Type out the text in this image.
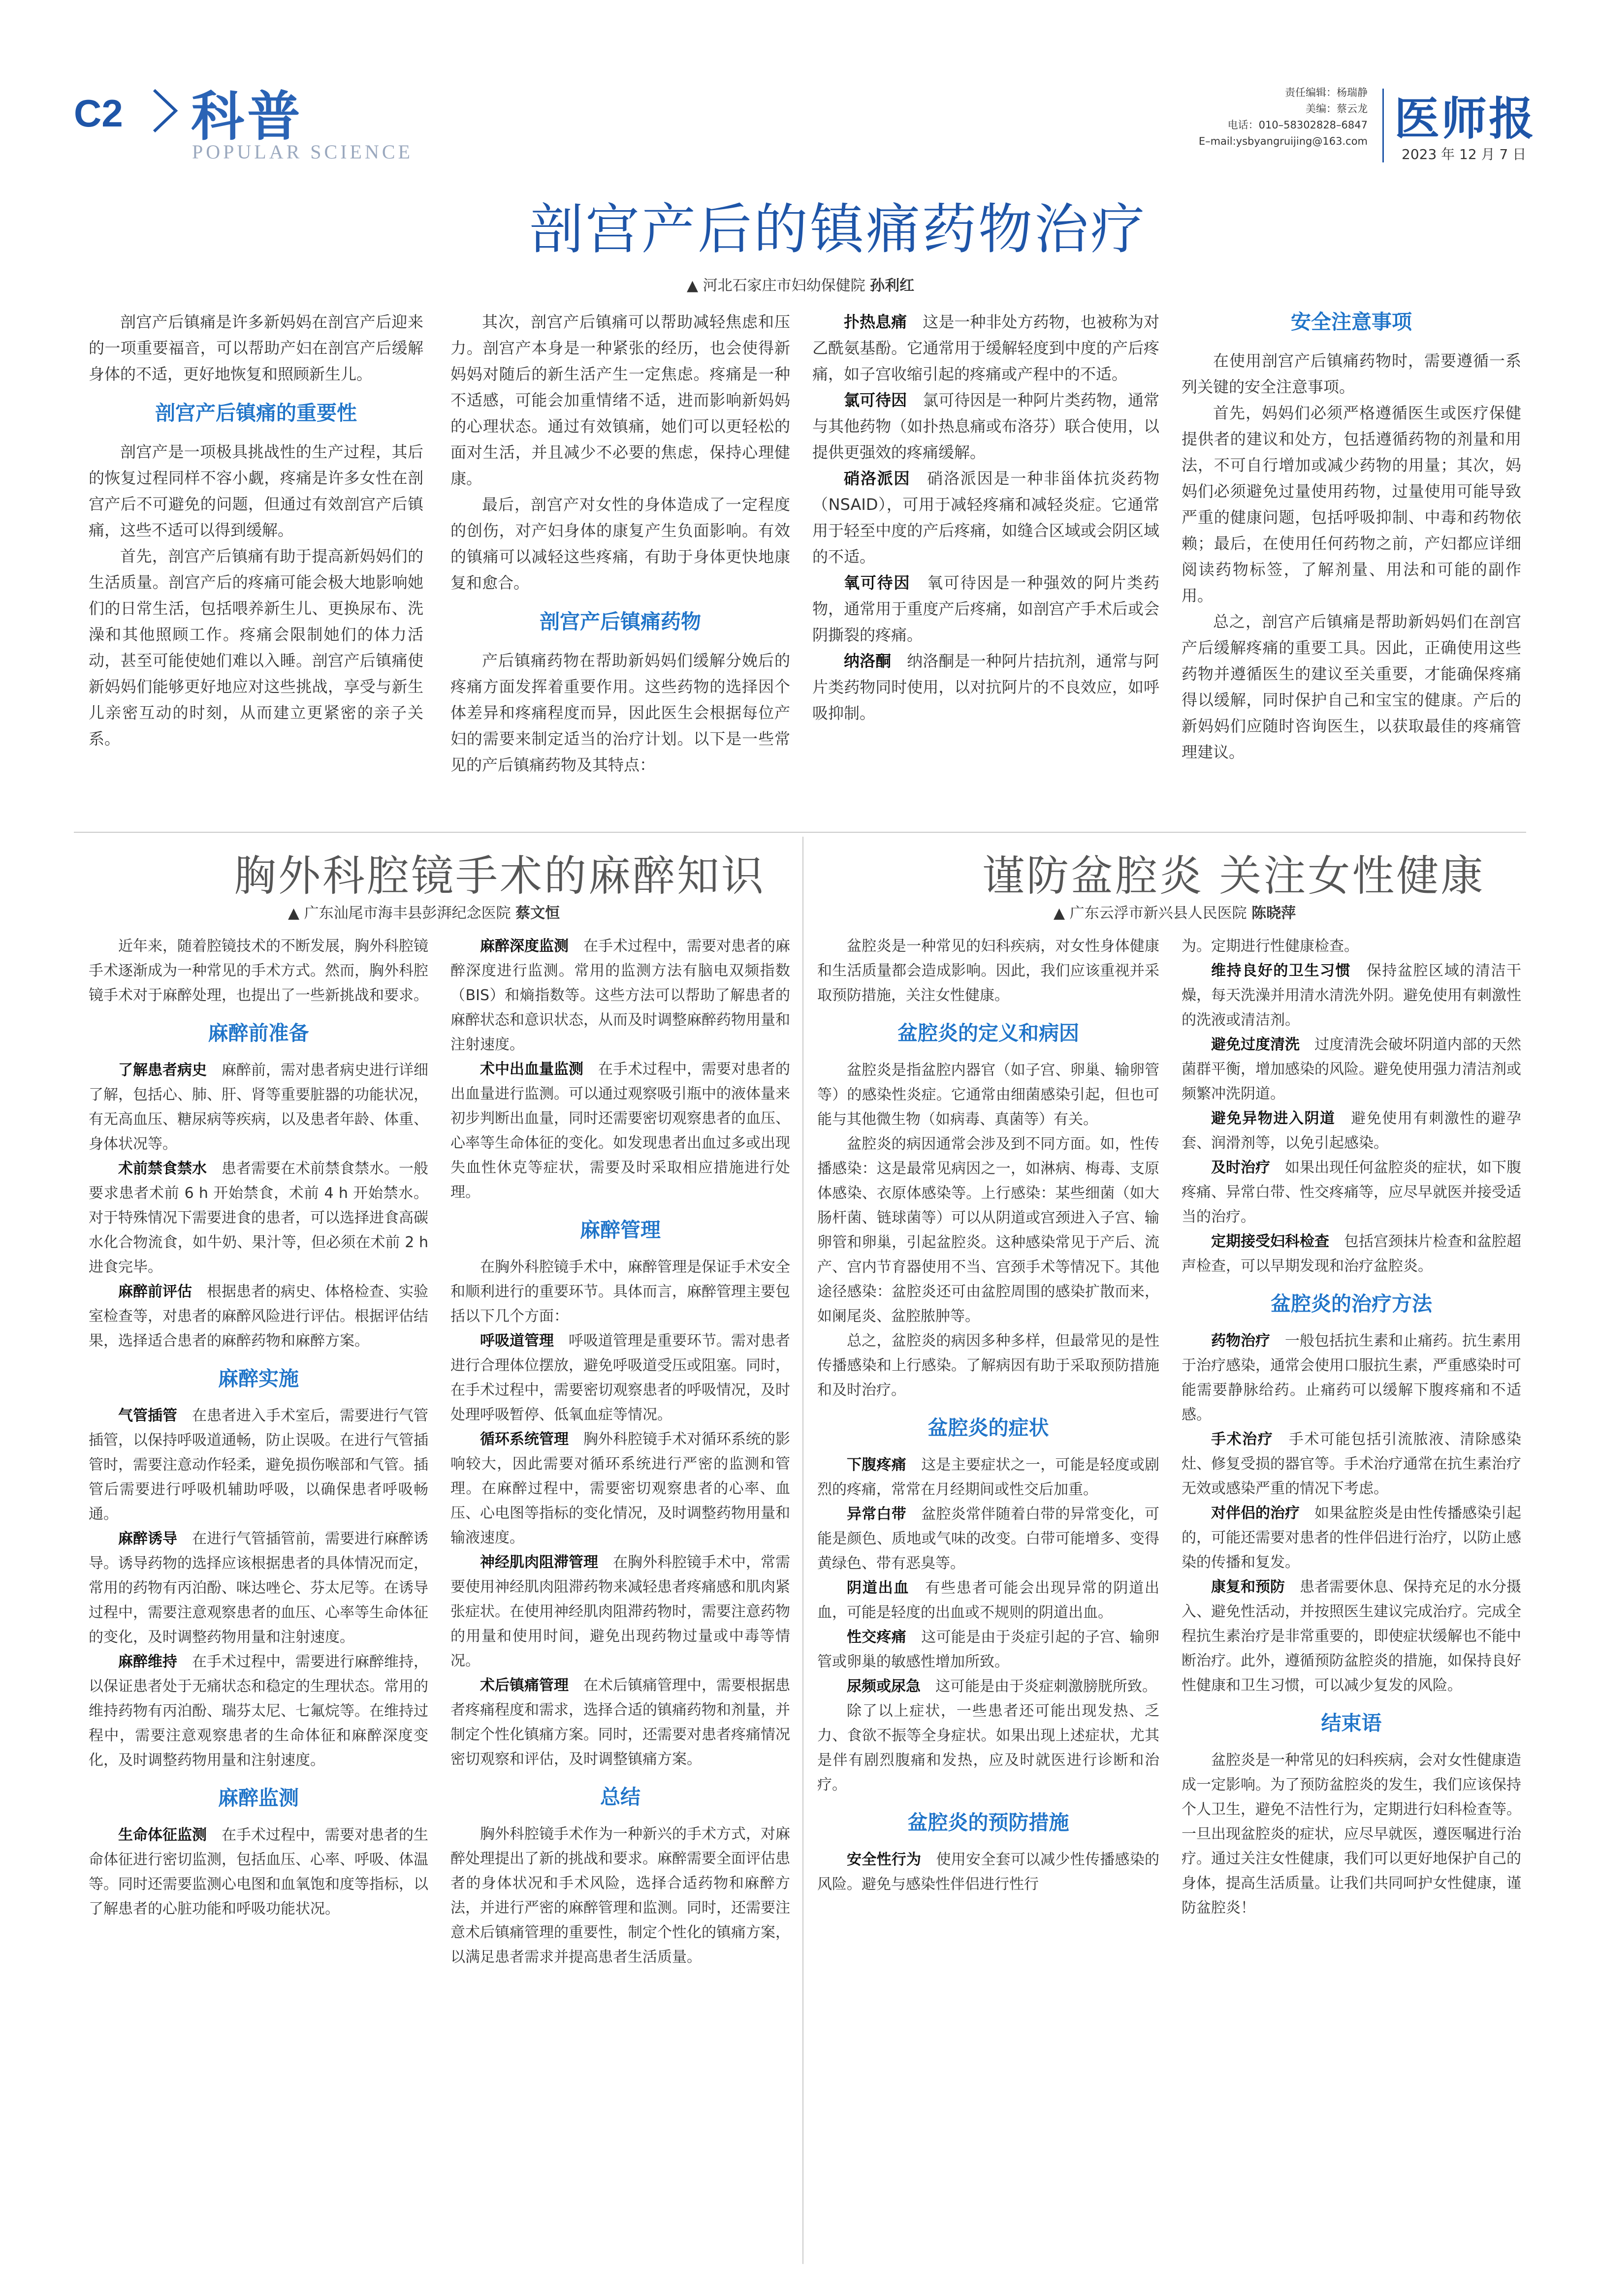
C2 科普
POPULAR SCIENCE
责任编辑：杨瑞静
美编：蔡云龙
电话：010–58302828–6847
E–mail:ysbyangruijing@163.com 医师报
2023 年 12 月 7 日
剖宫产后的镇痛药物治疗
▲ 河北石家庄市妇幼保健院 孙利红

剖宫产后镇痛是许多新妈妈在剖宫产后迎来的一项重要福音，可以帮助产妇在剖宫产后缓解身体的不适，更好地恢复和照顾新生儿。

剖宫产后镇痛的重要性

剖宫产是一项极具挑战性的生产过程，其后的恢复过程同样不容小觑，疼痛是许多女性在剖宫产后不可避免的问题，但通过有效剖宫产后镇痛，这些不适可以得到缓解。

首先，剖宫产后镇痛有助于提高新妈妈们的生活质量。剖宫产后的疼痛可能会极大地影响她们的日常生活，包括喂养新生儿、更换尿布、洗澡和其他照顾工作。疼痛会限制她们的体力活动，甚至可能使她们难以入睡。剖宫产后镇痛使新妈妈们能够更好地应对这些挑战，享受与新生儿亲密互动的时刻，从而建立更紧密的亲子关系。

其次，剖宫产后镇痛可以帮助减轻焦虑和压力。剖宫产本身是一种紧张的经历，也会使得新妈妈对随后的新生活产生一定焦虑。疼痛是一种不适感，可能会加重情绪不适，进而影响新妈妈的心理状态。通过有效镇痛，她们可以更轻松的面对生活，并且减少不必要的焦虑，保持心理健康。

最后，剖宫产对女性的身体造成了一定程度的创伤，对产妇身体的康复产生负面影响。有效的镇痛可以减轻这些疼痛，有助于身体更快地康复和愈合。

剖宫产后镇痛药物

产后镇痛药物在帮助新妈妈们缓解分娩后的疼痛方面发挥着重要作用。这些药物的选择因个体差异和疼痛程度而异，因此医生会根据每位产妇的需要来制定适当的治疗计划。以下是一些常见的产后镇痛药物及其特点：

扑热息痛　 这是一种非处方药物，也被称为对乙酰氨基酚。它通常用于缓解轻度到中度的产后疼痛，如子宫收缩引起的疼痛或产程中的不适。

氯可待因　 氯可待因是一种阿片类药物，通常与其他药物（如扑热息痛或布洛芬）联合使用，以提供更强效的疼痛缓解。

硝洛派因　 硝洛派因是一种非甾体抗炎药物（NSAID），可用于减轻疼痛和减轻炎症。它通常用于轻至中度的产后疼痛，如缝合区域或会阴区域的不适。

氧可待因　 氧可待因是一种强效的阿片类药物，通常用于重度产后疼痛，如剖宫产手术后或会阴撕裂的疼痛。

纳洛酮　 纳洛酮是一种阿片拮抗剂，通常与阿片类药物同时使用，以对抗阿片的不良效应，如呼吸抑制。

安全注意事项

在使用剖宫产后镇痛药物时，需要遵循一系列关键的安全注意事项。

首先，妈妈们必须严格遵循医生或医疗保健提供者的建议和处方，包括遵循药物的剂量和用法，不可自行增加或减少药物的用量；其次，妈妈们必须避免过量使用药物，过量使用可能导致严重的健康问题，包括呼吸抑制、中毒和药物依赖；最后，在使用任何药物之前，产妇都应详细阅读药物标签，了解剂量、用法和可能的副作用。

总之，剖宫产后镇痛是帮助新妈妈们在剖宫产后缓解疼痛的重要工具。因此，正确使用这些药物并遵循医生的建议至关重要，才能确保疼痛得以缓解，同时保护自己和宝宝的健康。产后的新妈妈们应随时咨询医生，以获取最佳的疼痛管理建议。

胸外科腔镜手术的麻醉知识
▲ 广东汕尾市海丰县彭湃纪念医院 蔡文恒

近年来，随着腔镜技术的不断发展，胸外科腔镜手术逐渐成为一种常见的手术方式。然而，胸外科腔镜手术对于麻醉处理，也提出了一些新挑战和要求。

麻醉前准备

了解患者病史　 麻醉前，需对患者病史进行详细了解，包括心、肺、肝、肾等重要脏器的功能状况，有无高血压、糖尿病等疾病，以及患者年龄、体重、身体状况等。

术前禁食禁水　 患者需要在术前禁食禁水。一般要求患者术前 6 h 开始禁食，术前 4 h 开始禁水。对于特殊情况下需要进食的患者，可以选择进食高碳水化合物流食，如牛奶、果汁等，但必须在术前 2 h 进食完毕。

麻醉前评估　 根据患者的病史、体格检查、实验室检查等，对患者的麻醉风险进行评估。根据评估结果，选择适合患者的麻醉药物和麻醉方案。

麻醉实施

气管插管　 在患者进入手术室后，需要进行气管插管，以保持呼吸道通畅，防止误吸。在进行气管插管时，需要注意动作轻柔，避免损伤喉部和气管。插管后需要进行呼吸机辅助呼吸，以确保患者呼吸畅通。

麻醉诱导　 在进行气管插管前，需要进行麻醉诱导。诱导药物的选择应该根据患者的具体情况而定，常用的药物有丙泊酚、咪达唑仑、芬太尼等。在诱导过程中，需要注意观察患者的血压、心率等生命体征的变化，及时调整药物用量和注射速度。

麻醉维持　 在手术过程中，需要进行麻醉维持，以保证患者处于无痛状态和稳定的生理状态。常用的维持药物有丙泊酚、瑞芬太尼、七氟烷等。在维持过程中，需要注意观察患者的生命体征和麻醉深度变化，及时调整药物用量和注射速度。

麻醉监测

生命体征监测　 在手术过程中，需要对患者的生命体征进行密切监测，包括血压、心率、呼吸、体温等。同时还需要监测心电图和血氧饱和度等指标，以了解患者的心脏功能和呼吸功能状况。

麻醉深度监测　 在手术过程中，需要对患者的麻醉深度进行监测。常用的监测方法有脑电双频指数（BIS）和熵指数等。这些方法可以帮助了解患者的麻醉状态和意识状态，从而及时调整麻醉药物用量和注射速度。

术中出血量监测　 在手术过程中，需要对患者的出血量进行监测。可以通过观察吸引瓶中的液体量来初步判断出血量，同时还需要密切观察患者的血压、心率等生命体征的变化。如发现患者出血过多或出现失血性休克等症状，需要及时采取相应措施进行处理。

麻醉管理

在胸外科腔镜手术中，麻醉管理是保证手术安全和顺利进行的重要环节。具体而言，麻醉管理主要包括以下几个方面：

呼吸道管理　 呼吸道管理是重要环节。需对患者进行合理体位摆放，避免呼吸道受压或阻塞。同时，在手术过程中，需要密切观察患者的呼吸情况，及时处理呼吸暂停、低氧血症等情况。

循环系统管理　 胸外科腔镜手术对循环系统的影响较大，因此需要对循环系统进行严密的监测和管理。在麻醉过程中，需要密切观察患者的心率、血压、心电图等指标的变化情况，及时调整药物用量和输液速度。

神经肌肉阻滞管理　 在胸外科腔镜手术中，常需要使用神经肌肉阻滞药物来减轻患者疼痛感和肌肉紧张症状。在使用神经肌肉阻滞药物时，需要注意药物的用量和使用时间，避免出现药物过量或中毒等情况。

术后镇痛管理　 在术后镇痛管理中，需要根据患者疼痛程度和需求，选择合适的镇痛药物和剂量，并制定个性化镇痛方案。同时，还需要对患者疼痛情况密切观察和评估，及时调整镇痛方案。

总结

胸外科腔镜手术作为一种新兴的手术方式，对麻醉处理提出了新的挑战和要求。麻醉需要全面评估患者的身体状况和手术风险，选择合适药物和麻醉方法，并进行严密的麻醉管理和监测。同时，还需要注意术后镇痛管理的重要性，制定个性化的镇痛方案，以满足患者需求并提高患者生活质量。

谨防盆腔炎 关注女性健康
▲ 广东云浮市新兴县人民医院 陈晓萍

盆腔炎是一种常见的妇科疾病，对女性身体健康和生活质量都会造成影响。因此，我们应该重视并采取预防措施，关注女性健康。

盆腔炎的定义和病因

盆腔炎是指盆腔内器官（如子宫、卵巢、输卵管等）的感染性炎症。它通常由细菌感染引起，但也可能与其他微生物（如病毒、真菌等）有关。

盆腔炎的病因通常会涉及到不同方面。如，性传播感染：这是最常见病因之一，如淋病、梅毒、支原体感染、衣原体感染等。上行感染：某些细菌（如大肠杆菌、链球菌等）可以从阴道或宫颈进入子宫、输卵管和卵巢，引起盆腔炎。这种感染常见于产后、流产、宫内节育器使用不当、宫颈手术等情况下。其他途径感染：盆腔炎还可由盆腔周围的感染扩散而来，如阑尾炎、盆腔脓肿等。

总之，盆腔炎的病因多种多样，但最常见的是性传播感染和上行感染。了解病因有助于采取预防措施和及时治疗。

盆腔炎的症状

下腹疼痛　 这是主要症状之一，可能是轻度或剧烈的疼痛，常常在月经期间或性交后加重。

异常白带　 盆腔炎常伴随着白带的异常变化，可能是颜色、质地或气味的改变。白带可能增多、变得黄绿色、带有恶臭等。

阴道出血　 有些患者可能会出现异常的阴道出血，可能是轻度的出血或不规则的阴道出血。

性交疼痛　 这可能是由于炎症引起的子宫、输卵管或卵巢的敏感性增加所致。

尿频或尿急　 这可能是由于炎症刺激膀胱所致。

除了以上症状，一些患者还可能出现发热、乏力、食欲不振等全身症状。如果出现上述症状，尤其是伴有剧烈腹痛和发热，应及时就医进行诊断和治疗。

盆腔炎的预防措施

安全性行为　 使用安全套可以减少性传播感染的风险。避免与感染性伴侣进行性行

为。定期进行性健康检查。

维持良好的卫生习惯　 保持盆腔区域的清洁干燥，每天洗澡并用清水清洗外阴。避免使用有刺激性的洗液或清洁剂。

避免过度清洗　 过度清洗会破坏阴道内部的天然菌群平衡，增加感染的风险。避免使用强力清洁剂或频繁冲洗阴道。

避免异物进入阴道　 避免使用有刺激性的避孕套、润滑剂等，以免引起感染。

及时治疗　 如果出现任何盆腔炎的症状，如下腹疼痛、异常白带、性交疼痛等，应尽早就医并接受适当的治疗。

定期接受妇科检查　 包括宫颈抹片检查和盆腔超声检查，可以早期发现和治疗盆腔炎。

盆腔炎的治疗方法

药物治疗　 一般包括抗生素和止痛药。抗生素用于治疗感染，通常会使用口服抗生素，严重感染时可能需要静脉给药。止痛药可以缓解下腹疼痛和不适感。

手术治疗　 手术可能包括引流脓液、清除感染灶、修复受损的器官等。手术治疗通常在抗生素治疗无效或感染严重的情况下考虑。

对伴侣的治疗　 如果盆腔炎是由性传播感染引起的，可能还需要对患者的性伴侣进行治疗，以防止感染的传播和复发。

康复和预防　 患者需要休息、保持充足的水分摄入、避免性活动，并按照医生建议完成治疗。完成全程抗生素治疗是非常重要的，即使症状缓解也不能中断治疗。此外，遵循预防盆腔炎的措施，如保持良好性健康和卫生习惯，可以减少复发的风险。

结束语

盆腔炎是一种常见的妇科疾病，会对女性健康造成一定影响。为了预防盆腔炎的发生，我们应该保持个人卫生，避免不洁性行为，定期进行妇科检查等。一旦出现盆腔炎的症状，应尽早就医，遵医嘱进行治疗。通过关注女性健康，我们可以更好地保护自己的身体，提高生活质量。让我们共同呵护女性健康，谨防盆腔炎！
